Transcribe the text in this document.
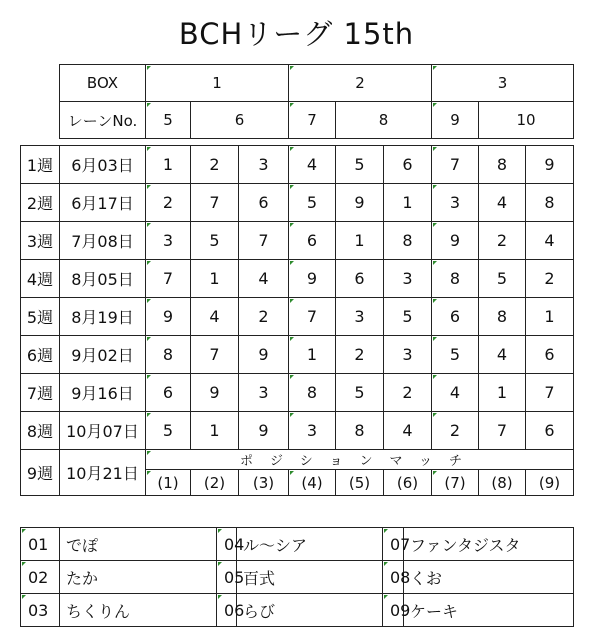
BCHリーグ 15th
BOX	1		2		3	
レーンNo.	5	6	7	8	9	10
1週	6月03日	1	2	3	4	5	6	7	8	9
2週	6月17日	2	7	6	5	9	1	3	4	8
3週	7月08日	3	5	7	6	1	8	9	2	4
4週	8月05日	7	1	4	9	6	3	8	5	2
5週	8月19日	9	4	2	7	3	5	6	8	1
6週	9月02日	8	7	9	1	2	3	5	4	6
7週	9月16日	6	9	3	8	5	2	4	1	7
8週	10月07日	5	1	9	3	8	4	2	7	6
9週	10月21日	ポジションマッチ								
		(1)	(2)	(3)	(4)	(5)	(6)	(7)	(8)	(9)
01	でぽ	04	ル～シア	07	ファンタジスタ
02	たか	05	百式	08	くお
03	ちくりん	06	らび	09	ケーキ
